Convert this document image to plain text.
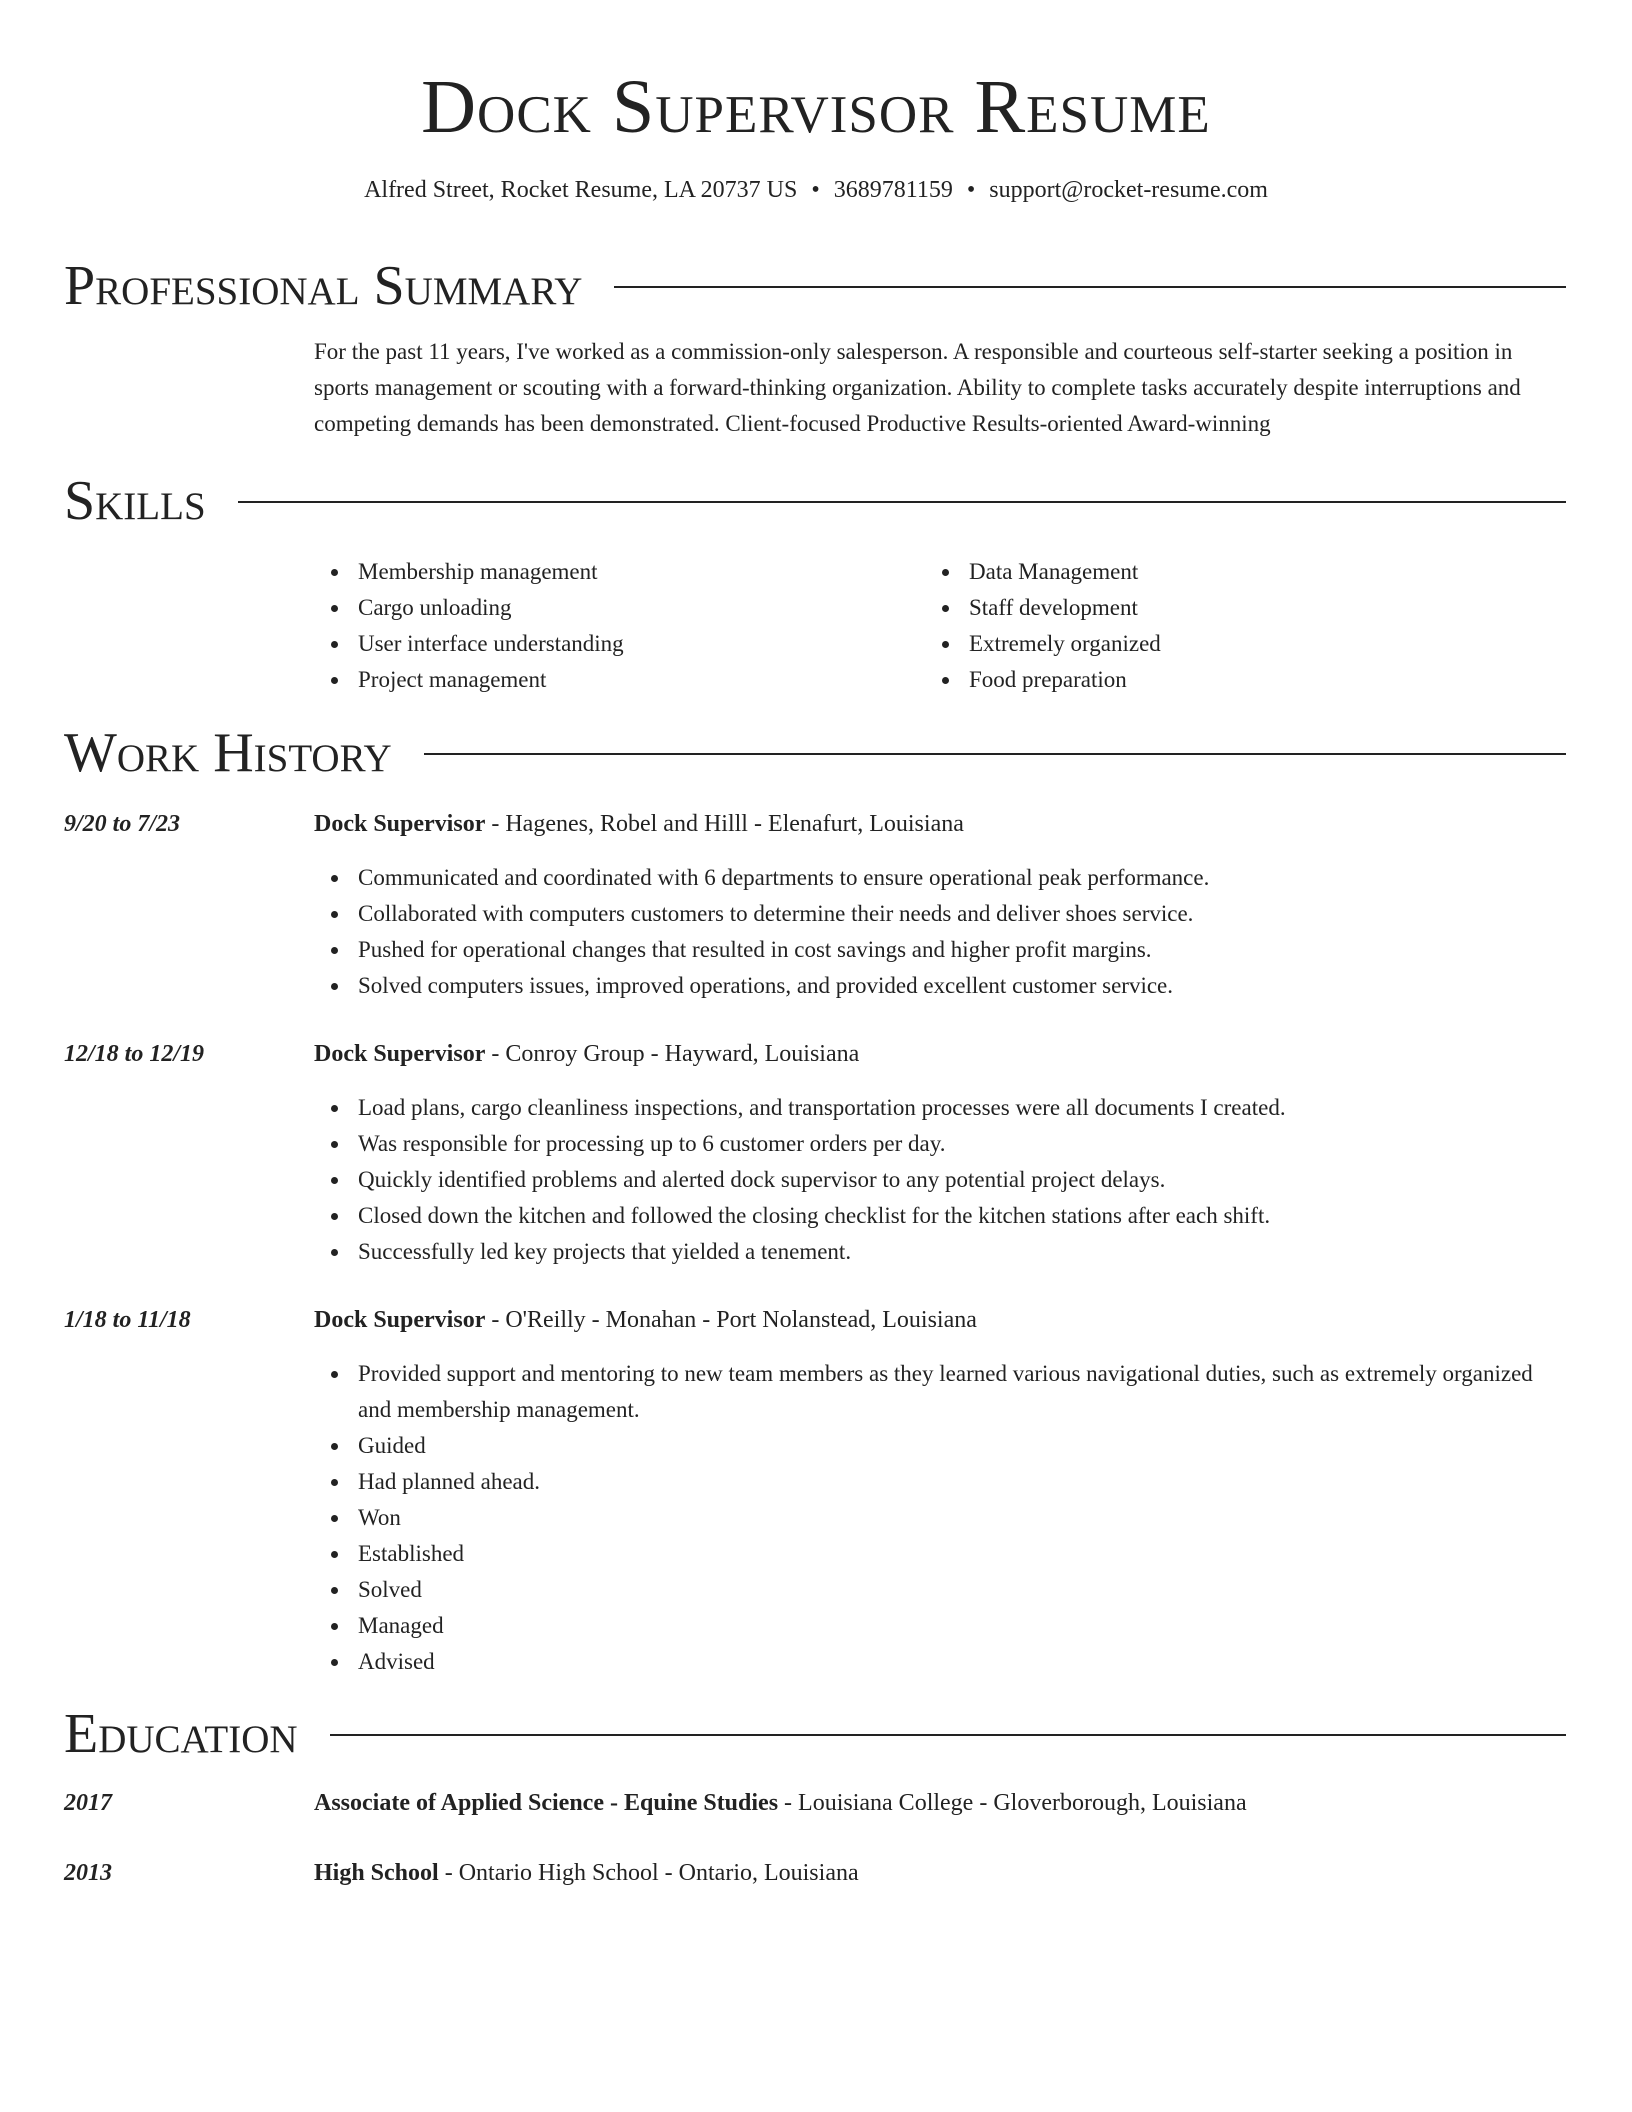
Dock Supervisor Resume
Alfred Street, Rocket Resume, LA 20737 US • 3689781159 • support@rocket-resume.com
Professional Summary
For the past 11 years, I've worked as a commission-only salesperson. A responsible and courteous self-starter seeking a position in sports management or scouting with a forward-thinking organization. Ability to complete tasks accurately despite interruptions and competing demands has been demonstrated. Client-focused Productive Results-oriented Award-winning
Skills
Membership management
Cargo unloading
User interface understanding
Project management
Data Management
Staff development
Extremely organized
Food preparation
Work History
9/20 to 7/23	Dock Supervisor - Hagenes, Robel and Hilll - Elenafurt, Louisiana
Communicated and coordinated with 6 departments to ensure operational peak performance.
Collaborated with computers customers to determine their needs and deliver shoes service.
Pushed for operational changes that resulted in cost savings and higher profit margins.
Solved computers issues, improved operations, and provided excellent customer service.
12/18 to 12/19	Dock Supervisor - Conroy Group - Hayward, Louisiana
Load plans, cargo cleanliness inspections, and transportation processes were all documents I created.
Was responsible for processing up to 6 customer orders per day.
Quickly identified problems and alerted dock supervisor to any potential project delays.
Closed down the kitchen and followed the closing checklist for the kitchen stations after each shift.
Successfully led key projects that yielded a tenement.
1/18 to 11/18	Dock Supervisor - O'Reilly - Monahan - Port Nolanstead, Louisiana
Provided support and mentoring to new team members as they learned various navigational duties, such as extremely organized and membership management.
Guided
Had planned ahead.
Won
Established
Solved
Managed
Advised
Education
2017	Associate of Applied Science - Equine Studies - Louisiana College - Gloverborough, Louisiana
2013	High School - Ontario High School - Ontario, Louisiana
